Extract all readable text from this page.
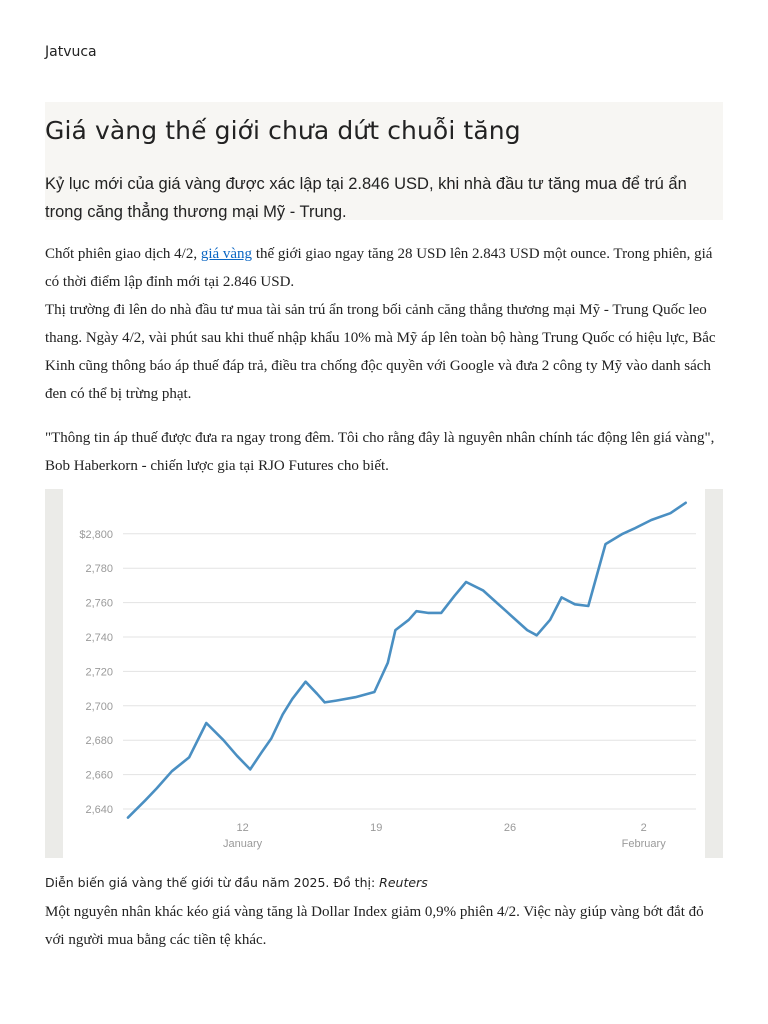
Jatvuca
Giá vàng thế giới chưa dứt chuỗi tăng
Kỷ lục mới của giá vàng được xác lập tại 2.846 USD, khi nhà đầu tư tăng mua để trú ẩn trong căng thẳng thương mại Mỹ - Trung.
Chốt phiên giao dịch 4/2, giá vàng thế giới giao ngay tăng 28 USD lên 2.843 USD một ounce. Trong phiên, giá có thời điểm lập đỉnh mới tại 2.846 USD.
Thị trường đi lên do nhà đầu tư mua tài sản trú ẩn trong bối cảnh căng thẳng thương mại Mỹ - Trung Quốc leo thang. Ngày 4/2, vài phút sau khi thuế nhập khẩu 10% mà Mỹ áp lên toàn bộ hàng Trung Quốc có hiệu lực, Bắc Kinh cũng thông báo áp thuế đáp trả, điều tra chống độc quyền với Google và đưa 2 công ty Mỹ vào danh sách đen có thể bị trừng phạt.
"Thông tin áp thuế được đưa ra ngay trong đêm. Tôi cho rằng đây là nguyên nhân chính tác động lên giá vàng", Bob Haberkorn - chiến lược gia tại RJO Futures cho biết.
2,640
2,660
2,680
2,700
2,720
2,740
2,760
2,780
$2,800
12
January
19	26	2
February
Diễn biến giá vàng thế giới từ đầu năm 2025. Đồ thị: Reuters
Một nguyên nhân khác kéo giá vàng tăng là Dollar Index giảm 0,9% phiên 4/2. Việc này giúp vàng bớt đắt đỏ với người mua bằng các tiền tệ khác.
